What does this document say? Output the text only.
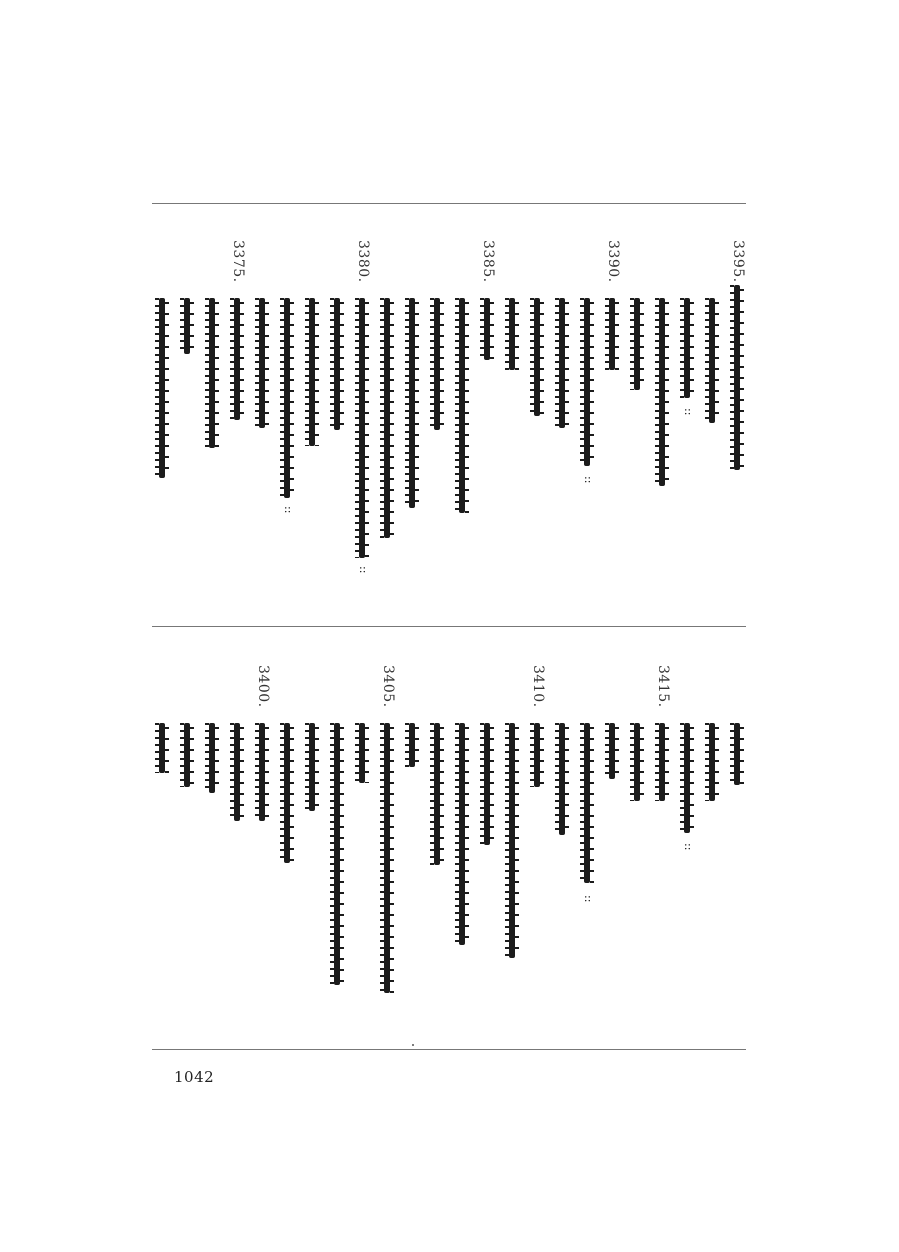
3395.
::
3390.
::
3385.
3380.
::
::
3375.
::
3415.
::
3410.
3405.
3400.
1042
